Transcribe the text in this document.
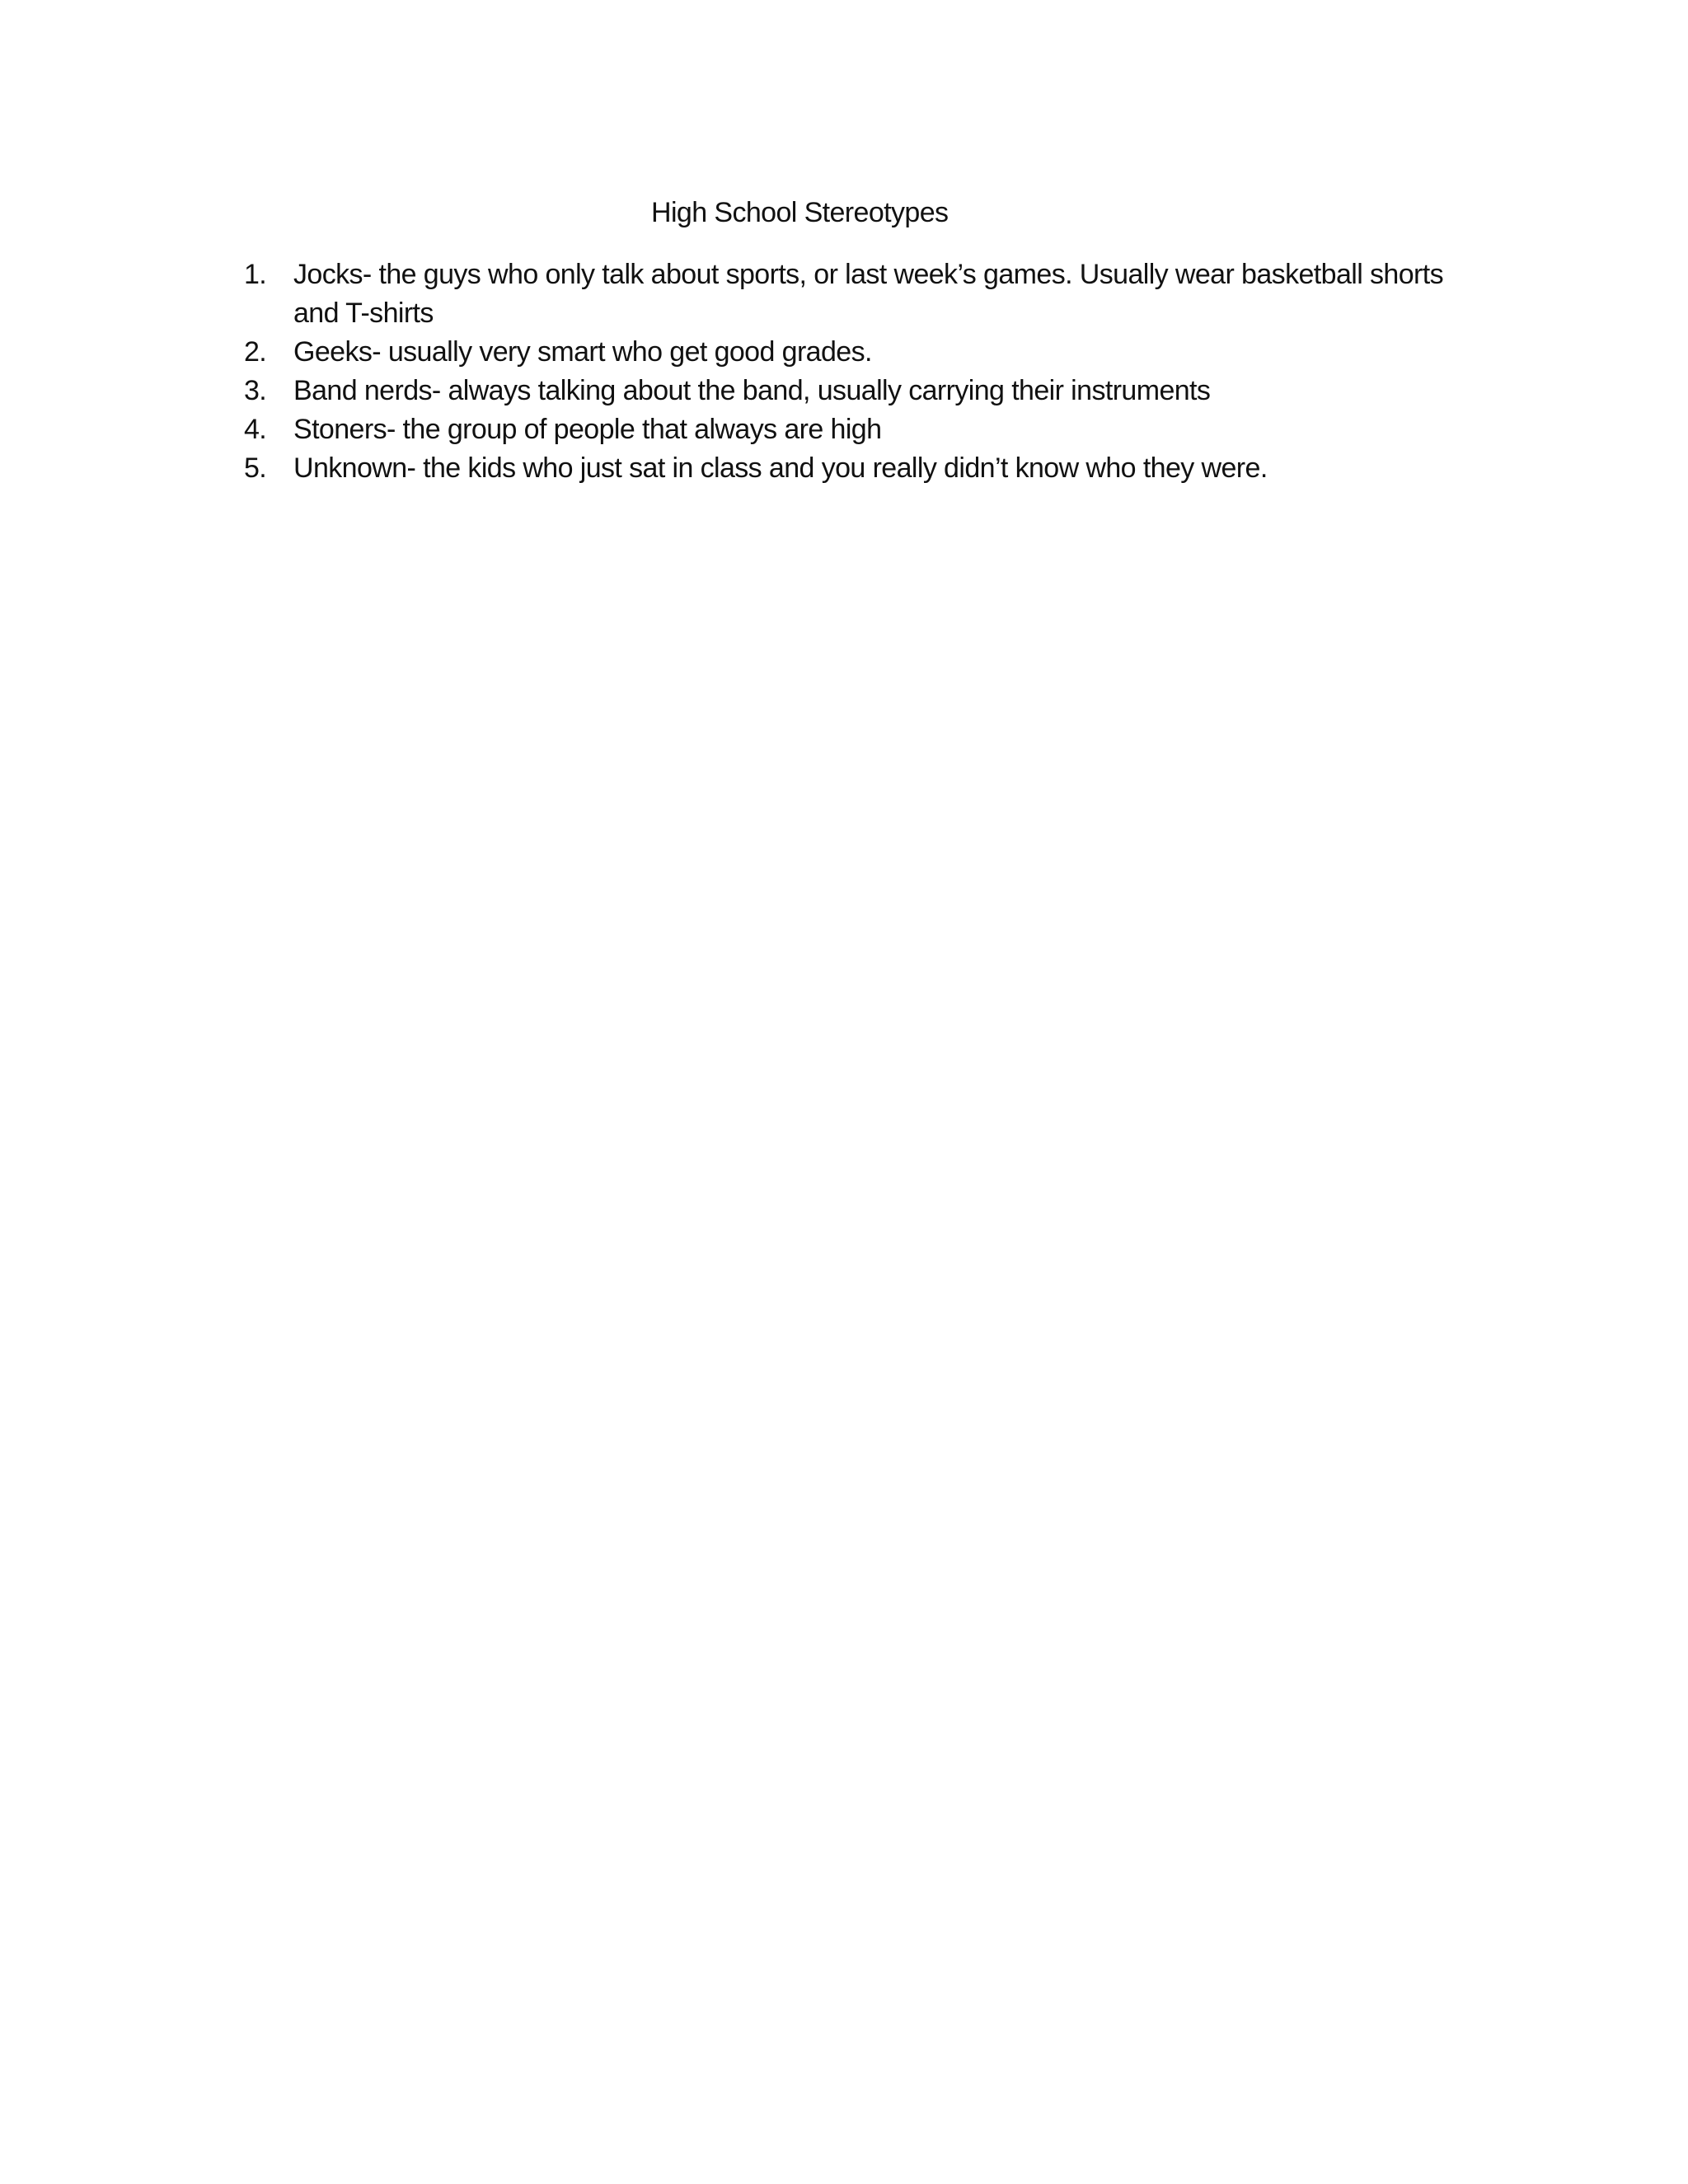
High School Stereotypes
1. Jocks- the guys who only talk about sports, or last week’s games. Usually wear basketball shorts and T-shirts
2. Geeks- usually very smart who get good grades.
3. Band nerds- always talking about the band, usually carrying their instruments
4. Stoners- the group of people that always are high
5. Unknown- the kids who just sat in class and you really didn’t know who they were.
